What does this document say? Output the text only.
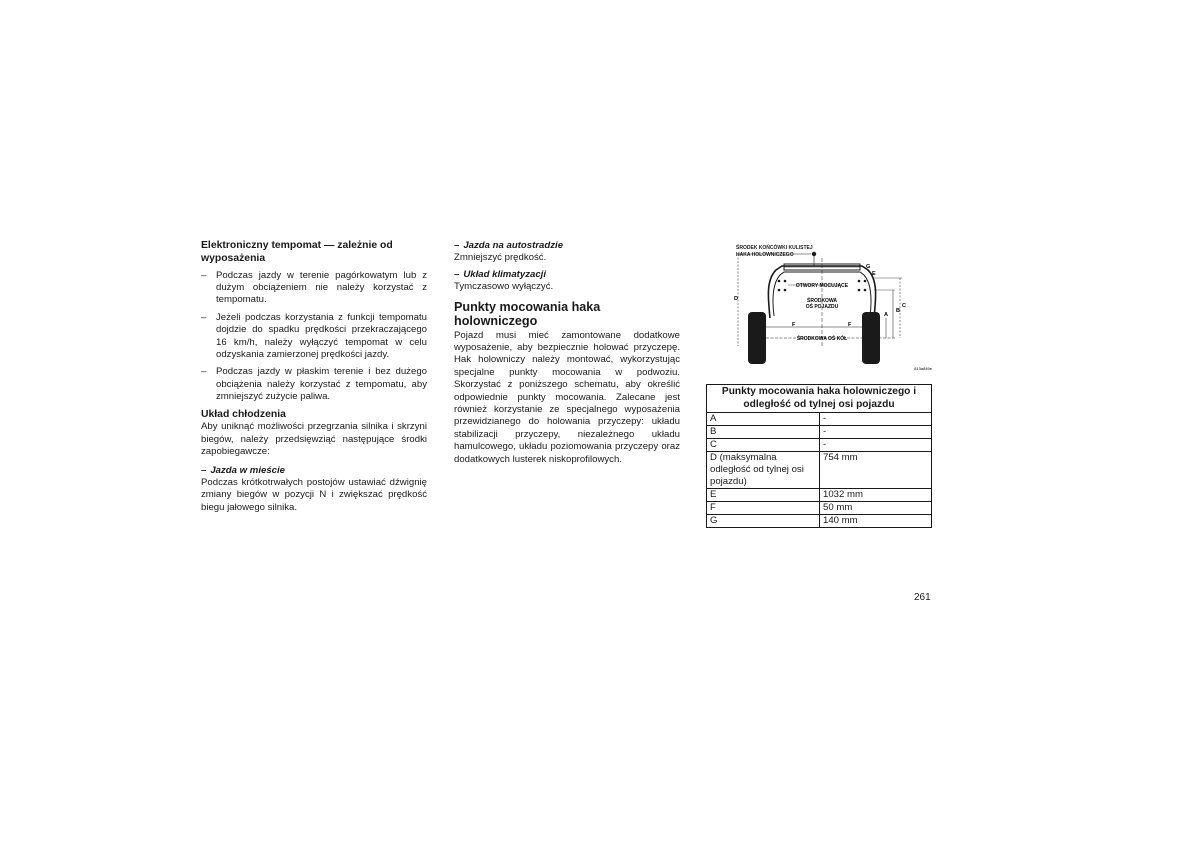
Elektroniczny tempomat — zależnie od wyposażenia
– Podczas jazdy w terenie pagórkowatym lub z dużym obciążeniem nie należy korzystać z tempomatu.
– Jeżeli podczas korzystania z funkcji tempomatu dojdzie do spadku prędkości przekraczającego 16 km/h, należy wyłączyć tempomat w celu odzyskania zamierzonej prędkości jazdy.
– Podczas jazdy w płaskim terenie i bez dużego obciążenia należy korzystać z tempomatu, aby zmniejszyć zużycie paliwa.
Układ chłodzenia

Aby uniknąć możliwości przegrzania silnika i skrzyni biegów, należy przedsięwziąć następujące środki zapobiegawcze:

– Jazda w mieście

Podczas krótkotrwałych postojów ustawiać dźwignię zmiany biegów w pozycji N i zwiększać prędkość biegu jałowego silnika.

– Jazda na autostradzie

Zmniejszyć prędkość.

– Układ klimatyzacji

Tymczasowo wyłączyć.

Punkty mocowania haka holowniczego

Pojazd musi mieć zamontowane dodatkowe wyposażenie, aby bezpiecznie holować przyczepę. Hak holowniczy należy montować, wykorzystując specjalne punkty mocowania w podwoziu. Skorzystać z poniższego schematu, aby określić odpowiednie punkty mocowania. Zalecane jest również korzystanie ze specjalnego wyposażenia przewidzianego do holowania przyczepy: układu stabilizacji przyczepy, niezależnego układu hamulcowego, układu poziomowania przyczepy oraz dodatkowych lusterek niskoprofilowych.

ŚRODEK KOŃCÓWKI KULISTEJ
HAKA HOLOWNICZEGO
D
OTWORY MOCUJĄCE
ŚRODKOWA
OŚ POJAZDU
F	F
ŚRODKOWA OŚ KÓŁ
A
B
C
E
G
813a849e
Punkty mocowania haka holowniczego i odległość od tylnej osi pojazdu	
A	-
B	-
C	-
D (maksymalna odległość od tylnej osi pojazdu)	754 mm
E	1032 mm
F	50 mm
G	140 mm
261
